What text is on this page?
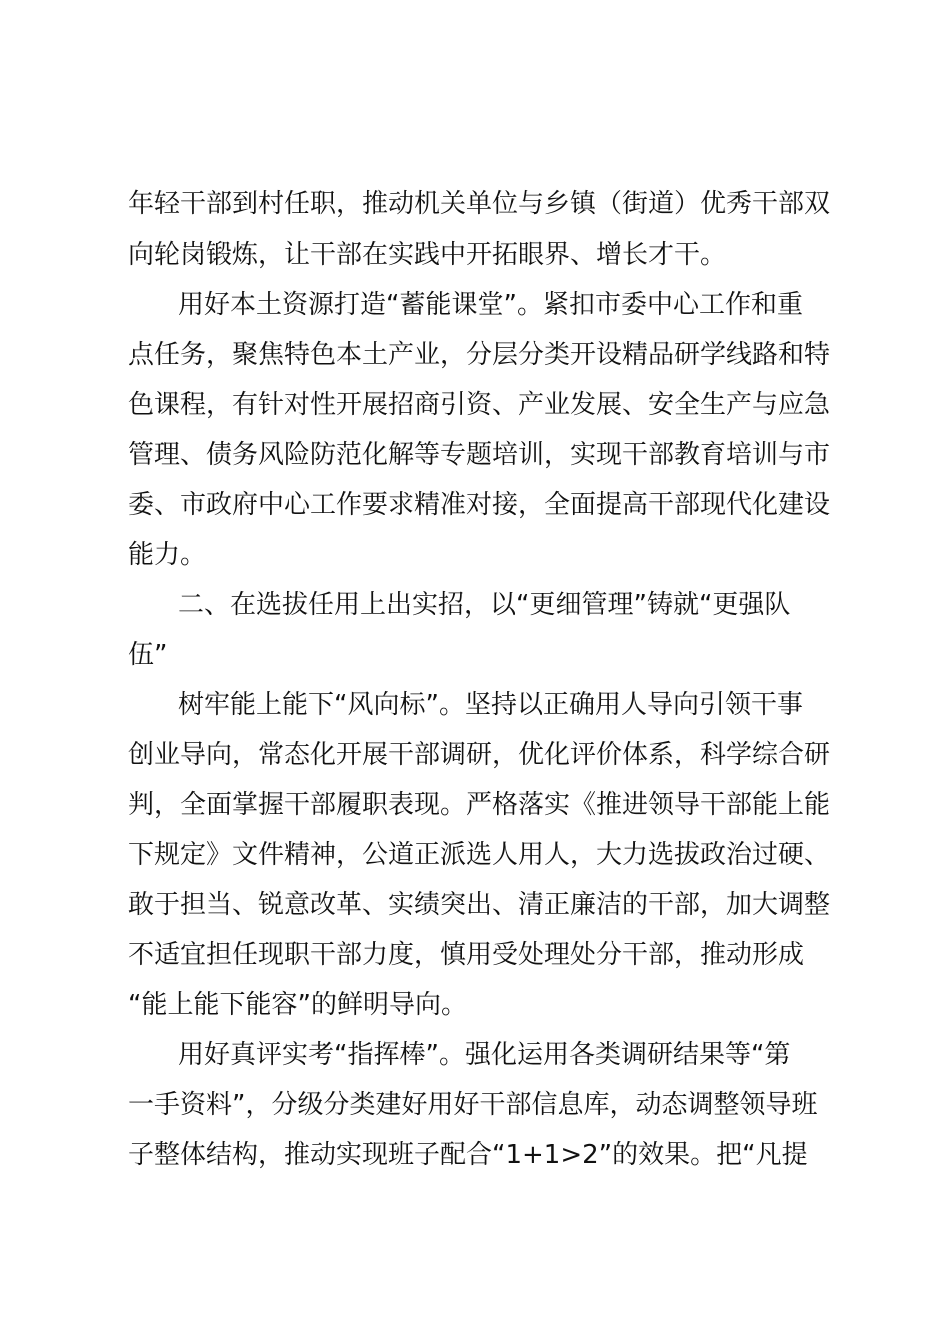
年轻干部到村任职，推动机关单位与乡镇（街道）优秀干部双
向轮岗锻炼，让干部在实践中开拓眼界、增长才干。
用好本土资源打造“蓄能课堂”。紧扣市委中心工作和重
点任务，聚焦特色本土产业，分层分类开设精品研学线路和特
色课程，有针对性开展招商引资、产业发展、安全生产与应急
管理、债务风险防范化解等专题培训，实现干部教育培训与市
委、市政府中心工作要求精准对接，全面提高干部现代化建设
能力。
二、在选拔任用上出实招，以“更细管理”铸就“更强队
伍”
树牢能上能下“风向标”。坚持以正确用人导向引领干事
创业导向，常态化开展干部调研，优化评价体系，科学综合研
判，全面掌握干部履职表现。严格落实《推进领导干部能上能
下规定》文件精神，公道正派选人用人，大力选拔政治过硬、
敢于担当、锐意改革、实绩突出、清正廉洁的干部，加大调整
不适宜担任现职干部力度，慎用受处理处分干部，推动形成
“能上能下能容”的鲜明导向。
用好真评实考“指挥棒”。强化运用各类调研结果等“第
一手资料”，分级分类建好用好干部信息库，动态调整领导班
子整体结构，推动实现班子配合“1+1>2”的效果。把“凡提
